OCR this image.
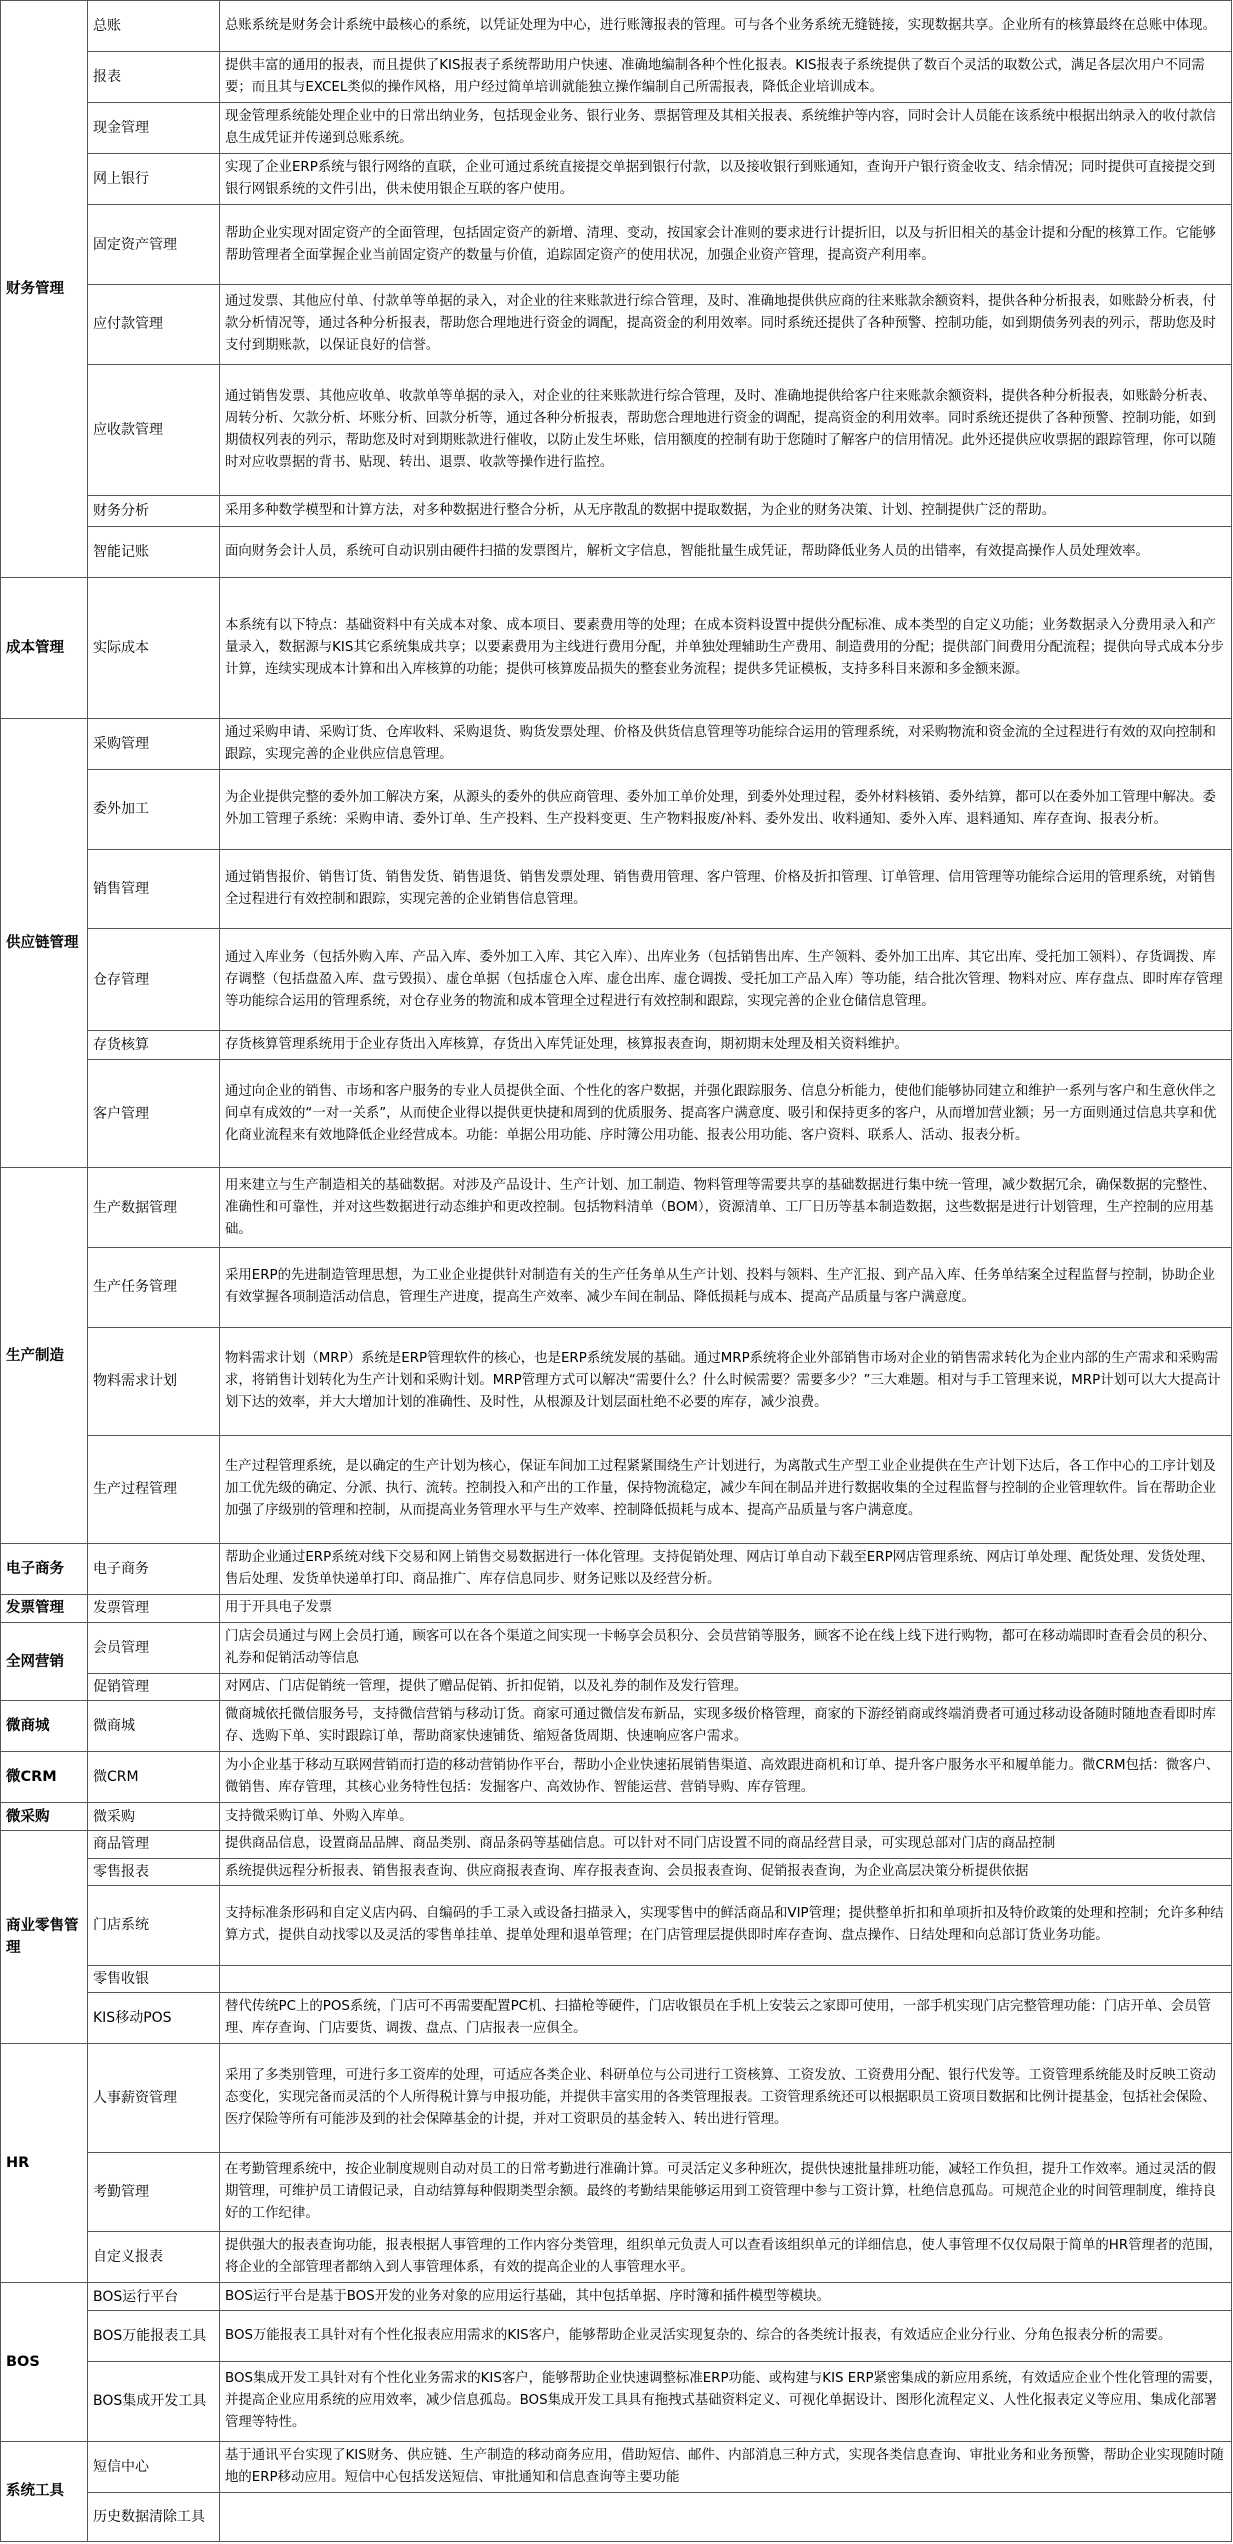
财务管理	总账	总账系统是财务会计系统中最核心的系统，以凭证处理为中心，进行账簿报表的管理。可与各个业务系统无缝链接，实现数据共享。企业所有的核算最终在总账中体现。
	报表	提供丰富的通用的报表，而且提供了KIS报表子系统帮助用户快速、准确地编制各种个性化报表。KIS报表子系统提供了数百个灵活的取数公式，满足各层次用户不同需要；而且其与EXCEL类似的操作风格，用户经过简单培训就能独立操作编制自己所需报表，降低企业培训成本。
	现金管理	现金管理系统能处理企业中的日常出纳业务，包括现金业务、银行业务、票据管理及其相关报表、系统维护等内容，同时会计人员能在该系统中根据出纳录入的收付款信息生成凭证并传递到总账系统。
	网上银行	实现了企业ERP系统与银行网络的直联，企业可通过系统直接提交单据到银行付款，以及接收银行到账通知，查询开户银行资金收支、结余情况；同时提供可直接提交到银行网银系统的文件引出，供未使用银企互联的客户使用。
	固定资产管理	帮助企业实现对固定资产的全面管理，包括固定资产的新增、清理、变动，按国家会计准则的要求进行计提折旧，以及与折旧相关的基金计提和分配的核算工作。它能够帮助管理者全面掌握企业当前固定资产的数量与价值，追踪固定资产的使用状况，加强企业资产管理，提高资产利用率。
	应付款管理	通过发票、其他应付单、付款单等单据的录入，对企业的往来账款进行综合管理，及时、准确地提供供应商的往来账款余额资料，提供各种分析报表，如账龄分析表，付款分析情况等，通过各种分析报表，帮助您合理地进行资金的调配，提高资金的利用效率。同时系统还提供了各种预警、控制功能，如到期债务列表的列示，帮助您及时支付到期账款，以保证良好的信誉。
	应收款管理	通过销售发票、其他应收单、收款单等单据的录入，对企业的往来账款进行综合管理，及时、准确地提供给客户往来账款余额资料，提供各种分析报表，如账龄分析表、周转分析、欠款分析、坏账分析、回款分析等，通过各种分析报表，帮助您合理地进行资金的调配，提高资金的利用效率。同时系统还提供了各种预警、控制功能，如到期债权列表的列示，帮助您及时对到期账款进行催收，以防止发生坏账，信用额度的控制有助于您随时了解客户的信用情况。此外还提供应收票据的跟踪管理，你可以随时对应收票据的背书、贴现、转出、退票、收款等操作进行监控。
	财务分析	采用多种数学模型和计算方法，对多种数据进行整合分析，从无序散乱的数据中提取数据，为企业的财务决策、计划、控制提供广泛的帮助。
	智能记账	面向财务会计人员，系统可自动识别由硬件扫描的发票图片，解析文字信息，智能批量生成凭证，帮助降低业务人员的出错率，有效提高操作人员处理效率。
成本管理	实际成本	本系统有以下特点：基础资料中有关成本对象、成本项目、要素费用等的处理；在成本资料设置中提供分配标准、成本类型的自定义功能；业务数据录入分费用录入和产量录入，数据源与KIS其它系统集成共享；以要素费用为主线进行费用分配，并单独处理辅助生产费用、制造费用的分配；提供部门间费用分配流程；提供向导式成本分步计算，连续实现成本计算和出入库核算的功能；提供可核算废品损失的整套业务流程；提供多凭证模板，支持多科目来源和多金额来源。
供应链管理	采购管理	通过采购申请、采购订货、仓库收料、采购退货、购货发票处理、价格及供货信息管理等功能综合运用的管理系统，对采购物流和资金流的全过程进行有效的双向控制和跟踪，实现完善的企业供应信息管理。
	委外加工	为企业提供完整的委外加工解决方案，从源头的委外的供应商管理、委外加工单价处理，到委外处理过程，委外材料核销、委外结算，都可以在委外加工管理中解决。委外加工管理子系统：采购申请、委外订单、生产投料、生产投料变更、生产物料报废/补料、委外发出、收料通知、委外入库、退料通知、库存查询、报表分析。
	销售管理	通过销售报价、销售订货、销售发货、销售退货、销售发票处理、销售费用管理、客户管理、价格及折扣管理、订单管理、信用管理等功能综合运用的管理系统，对销售全过程进行有效控制和跟踪，实现完善的企业销售信息管理。
	仓存管理	通过入库业务（包括外购入库、产品入库、委外加工入库、其它入库）、出库业务（包括销售出库、生产领料、委外加工出库、其它出库、受托加工领料）、存货调拨、库存调整（包括盘盈入库、盘亏毁损）、虚仓单据（包括虚仓入库、虚仓出库、虚仓调拨、受托加工产品入库）等功能，结合批次管理、物料对应、库存盘点、即时库存管理等功能综合运用的管理系统，对仓存业务的物流和成本管理全过程进行有效控制和跟踪，实现完善的企业仓储信息管理。
	存货核算	存货核算管理系统用于企业存货出入库核算，存货出入库凭证处理，核算报表查询，期初期末处理及相关资料维护。
	客户管理	通过向企业的销售、市场和客户服务的专业人员提供全面、个性化的客户数据，并强化跟踪服务、信息分析能力，使他们能够协同建立和维护一系列与客户和生意伙伴之间卓有成效的“一对一关系”，从而使企业得以提供更快捷和周到的优质服务、提高客户满意度、吸引和保持更多的客户，从而增加营业额；另一方面则通过信息共享和优化商业流程来有效地降低企业经营成本。功能：单据公用功能、序时簿公用功能、报表公用功能、客户资料、联系人、活动、报表分析。
生产制造	生产数据管理	用来建立与生产制造相关的基础数据。对涉及产品设计、生产计划、加工制造、物料管理等需要共享的基础数据进行集中统一管理，减少数据冗余，确保数据的完整性、准确性和可靠性，并对这些数据进行动态维护和更改控制。包括物料清单（BOM），资源清单、工厂日历等基本制造数据，这些数据是进行计划管理，生产控制的应用基础。
	生产任务管理	采用ERP的先进制造管理思想，为工业企业提供针对制造有关的生产任务单从生产计划、投料与领料、生产汇报、到产品入库、任务单结案全过程监督与控制，协助企业有效掌握各项制造活动信息，管理生产进度，提高生产效率、减少车间在制品、降低损耗与成本、提高产品质量与客户满意度。
	物料需求计划	物料需求计划（MRP）系统是ERP管理软件的核心，也是ERP系统发展的基础。通过MRP系统将企业外部销售市场对企业的销售需求转化为企业内部的生产需求和采购需求，将销售计划转化为生产计划和采购计划。MRP管理方式可以解决“需要什么？什么时候需要？需要多少？”三大难题。相对与手工管理来说，MRP计划可以大大提高计划下达的效率，并大大增加计划的准确性、及时性，从根源及计划层面杜绝不必要的库存，减少浪费。
	生产过程管理	生产过程管理系统，是以确定的生产计划为核心，保证车间加工过程紧紧围绕生产计划进行，为离散式生产型工业企业提供在生产计划下达后，各工作中心的工序计划及加工优先级的确定、分派、执行、流转。控制投入和产出的工作量，保持物流稳定，减少车间在制品并进行数据收集的全过程监督与控制的企业管理软件。旨在帮助企业加强了序级别的管理和控制，从而提高业务管理水平与生产效率、控制降低损耗与成本、提高产品质量与客户满意度。
电子商务	电子商务	帮助企业通过ERP系统对线下交易和网上销售交易数据进行一体化管理。支持促销处理、网店订单自动下载至ERP网店管理系统、网店订单处理、配货处理、发货处理、售后处理、发货单快递单打印、商品推广、库存信息同步、财务记账以及经营分析。
发票管理	发票管理	用于开具电子发票
全网营销	会员管理	门店会员通过与网上会员打通，顾客可以在各个渠道之间实现一卡畅享会员积分、会员营销等服务，顾客不论在线上线下进行购物，都可在移动端即时查看会员的积分、礼券和促销活动等信息
	促销管理	对网店、门店促销统一管理，提供了赠品促销、折扣促销，以及礼券的制作及发行管理。
微商城	微商城	微商城依托微信服务号，支持微信营销与移动订货。商家可通过微信发布新品，实现多级价格管理，商家的下游经销商或终端消费者可通过移动设备随时随地查看即时库存、选购下单、实时跟踪订单，帮助商家快速铺货、缩短备货周期、快速响应客户需求。
微CRM	微CRM	为小企业基于移动互联网营销而打造的移动营销协作平台，帮助小企业快速拓展销售渠道、高效跟进商机和订单、提升客户服务水平和履单能力。微CRM包括：微客户、微销售、库存管理，其核心业务特性包括：发掘客户、高效协作、智能运营、营销导购、库存管理。
微采购	微采购	支持微采购订单、外购入库单。
商业零售管理	商品管理	提供商品信息，设置商品品牌、商品类别、商品条码等基础信息。可以针对不同门店设置不同的商品经营目录，可实现总部对门店的商品控制
	零售报表	系统提供远程分析报表、销售报表查询、供应商报表查询、库存报表查询、会员报表查询、促销报表查询，为企业高层决策分析提供依据
	门店系统	支持标准条形码和自定义店内码、自编码的手工录入或设备扫描录入，实现零售中的鲜活商品和VIP管理；提供整单折扣和单项折扣及特价政策的处理和控制；允许多种结算方式，提供自动找零以及灵活的零售单挂单、提单处理和退单管理；在门店管理层提供即时库存查询、盘点操作、日结处理和向总部订货业务功能。
	零售收银	
	KIS移动POS	替代传统PC上的POS系统，门店可不再需要配置PC机、扫描枪等硬件，门店收银员在手机上安装云之家即可使用，一部手机实现门店完整管理功能：门店开单、会员管理、库存查询、门店要货、调拨、盘点、门店报表一应俱全。
HR	人事薪资管理	采用了多类别管理，可进行多工资库的处理，可适应各类企业、科研单位与公司进行工资核算、工资发放、工资费用分配、银行代发等。工资管理系统能及时反映工资动态变化，实现完备而灵活的个人所得税计算与申报功能，并提供丰富实用的各类管理报表。工资管理系统还可以根据职员工资项目数据和比例计提基金，包括社会保险、医疗保险等所有可能涉及到的社会保障基金的计提，并对工资职员的基金转入、转出进行管理。
	考勤管理	在考勤管理系统中，按企业制度规则自动对员工的日常考勤进行准确计算。可灵活定义多种班次，提供快速批量排班功能，减轻工作负担，提升工作效率。通过灵活的假期管理，可维护员工请假记录，自动结算每种假期类型余额。最终的考勤结果能够运用到工资管理中参与工资计算，杜绝信息孤岛。可规范企业的时间管理制度，维持良好的工作纪律。
	自定义报表	提供强大的报表查询功能，报表根据人事管理的工作内容分类管理，组织单元负责人可以查看该组织单元的详细信息，使人事管理不仅仅局限于简单的HR管理者的范围，将企业的全部管理者都纳入到人事管理体系，有效的提高企业的人事管理水平。
BOS	BOS运行平台	BOS运行平台是基于BOS开发的业务对象的应用运行基础，其中包括单据、序时簿和插件模型等模块。
	BOS万能报表工具	BOS万能报表工具针对有个性化报表应用需求的KIS客户，能够帮助企业灵活实现复杂的、综合的各类统计报表，有效适应企业分行业、分角色报表分析的需要。
	BOS集成开发工具	BOS集成开发工具针对有个性化业务需求的KIS客户，能够帮助企业快速调整标准ERP功能、或构建与KIS ERP紧密集成的新应用系统，有效适应企业个性化管理的需要，并提高企业应用系统的应用效率，减少信息孤岛。BOS集成开发工具具有拖拽式基础资料定义、可视化单据设计、图形化流程定义、人性化报表定义等应用、集成化部署管理等特性。
系统工具	短信中心	基于通讯平台实现了KIS财务、供应链、生产制造的移动商务应用，借助短信、邮件、内部消息三种方式，实现各类信息查询、审批业务和业务预警，帮助企业实现随时随地的ERP移动应用。短信中心包括发送短信、审批通知和信息查询等主要功能
	历史数据清除工具	
